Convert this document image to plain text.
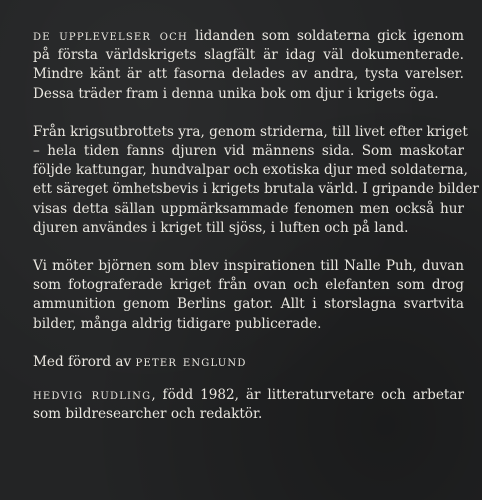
de upplevelser och lidanden som soldaterna gick igenom
på första världskrigets slagfält är idag väl dokumenterade.
Mindre känt är att fasorna delades av andra, tysta varelser.
Dessa träder fram i denna unika bok om djur i krigets öga.
Från krigsutbrottets yra, genom striderna, till livet efter kriget
– hela tiden fanns djuren vid männens sida. Som maskotar
följde kattungar, hundvalpar och exotiska djur med soldaterna,
ett säreget ömhetsbevis i krigets brutala värld. I gripande bilder
visas detta sällan uppmärksammade fenomen men också hur
djuren användes i kriget till sjöss, i luften och på land.
Vi möter björnen som blev inspirationen till Nalle Puh, duvan
som fotograferade kriget från ovan och elefanten som drog
ammunition genom Berlins gator. Allt i storslagna svartvita
bilder, många aldrig tidigare publicerade.
Med förord av peter englund
hedvig rudling, född 1982, är litteraturvetare och arbetar
som bildresearcher och redaktör.
